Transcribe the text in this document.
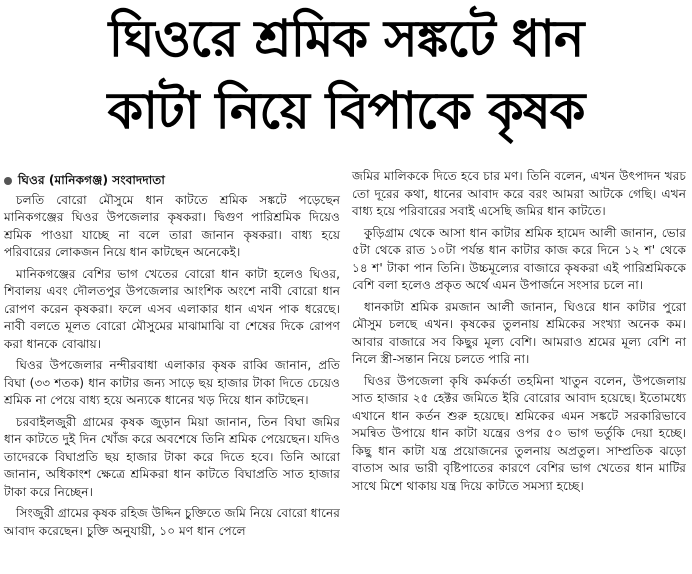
ঘিওরে শ্রমিক সঙ্কটে ধান
কাটা নিয়ে বিপাকে কৃষক
ঘিওর (মানিকগঞ্জ) সংবাদদাতা

চলতি বোরো মৌসুমে ধান কাটতে শ্রমিক সঙ্কটে পড়েছেন মানিকগঞ্জের ঘিওর উপজেলার কৃষকরা। দ্বিগুণ পারিশ্রমিক দিয়েও শ্রমিক পাওয়া যাচ্ছে না বলে তারা জানান কৃষকরা। বাধ্য হয়ে পরিবারের লোকজন নিয়ে ধান কাটছেন অনেকেই।

মানিকগঞ্জের বেশির ভাগ খেতের বোরো ধান কাটা হলেও ঘিওর, শিবালয় এবং দৌলতপুর উপজেলার আংশিক অংশে নাবী বোরো ধান রোপণ করেন কৃষকরা। ফলে এসব এলাকার ধান এখন পাক ধরেছে। নাবী বলতে মূলত বোরো মৌসুমের মাঝামাঝি বা শেষের দিকে রোপণ করা ধানকে বোঝায়।

ঘিওর উপজেলার নন্দীরবাধা এলাকার কৃষক রাব্বি জানান, প্রতি বিঘা (৩৩ শতক) ধান কাটার জন্য সাড়ে ছয় হাজার টাকা দিতে চেয়েও শ্রমিক না পেয়ে বাধ্য হয়ে অন্যকে ধানের খড় দিয়ে ধান কাটছেন।

চরবাইলজুরী গ্রামের কৃষক জুড়ান মিয়া জানান, তিন বিঘা জমির ধান কাটতে দুই দিন খোঁজ করে অবশেষে তিনি শ্রমিক পেয়েছেন। যদিও তাদেরকে বিঘাপ্রতি ছয় হাজার টাকা করে দিতে হবে। তিনি আরো জানান, অধিকাংশ ক্ষেত্রে শ্রমিকরা ধান কাটতে বিঘাপ্রতি সাত হাজার টাকা করে নিচ্ছেন।

সিংজুরী গ্রামের কৃষক রহিজ উদ্দিন চুক্তিতে জমি নিয়ে বোরো ধানের আবাদ করেছেন। চুক্তি অনুযায়ী, ১০ মণ ধান পেলে

জমির মালিককে দিতে হবে চার মণ। তিনি বলেন, এখন উৎপাদন খরচ তো দূরের কথা, ধানের আবাদ করে বরং আমরা আটকে গেছি। এখন বাধ্য হয়ে পরিবারের সবাই এসেছি জমির ধান কাটতে।

কুড়িগ্রাম থেকে আসা ধান কাটার শ্রমিক হামেদ আলী জানান, ভোর ৫টা থেকে রাত ১০টা পর্যন্ত ধান কাটার কাজ করে দিনে ১২ শ' থেকে ১৪ শ' টাকা পান তিনি। উচ্চমূল্যের বাজারে কৃষকরা এই পারিশ্রমিককে বেশি বলা হলেও প্রকৃত অর্থে এমন উপার্জনে সংসার চলে না।

ধানকাটা শ্রমিক রমজান আলী জানান, ঘিওরে ধান কাটার পুরো মৌসুম চলছে এখন। কৃষকের তুলনায় শ্রমিকের সংখ্যা অনেক কম। আবার বাজারে সব কিছুর মূল্য বেশি। আমরাও শ্রমের মূল্য বেশি না নিলে স্ত্রী-সন্তান নিয়ে চলতে পারি না।

ঘিওর উপজেলা কৃষি কর্মকর্তা তহমিনা খাতুন বলেন, উপজেলায় সাত হাজার ২৫ হেক্টর জমিতে ইরি বোরোর আবাদ হয়েছে। ইতোমধ্যে এখানে ধান কর্তন শুরু হয়েছে। শ্রমিকের এমন সঙ্কটে সরকারিভাবে সমন্বিত উপায়ে ধান কাটা যন্ত্রের ওপর ৫০ ভাগ ভর্তুকি দেয়া হচ্ছে। কিছু ধান কাটা যন্ত্র প্রয়োজনের তুলনায় অপ্রতুল। সাম্প্রতিক ঝড়ো বাতাস আর ভারী বৃষ্টিপাতের কারণে বেশির ভাগ খেতের ধান মাটির সাথে মিশে থাকায় যন্ত্র দিয়ে কাটতে সমস্যা হচ্ছে।
